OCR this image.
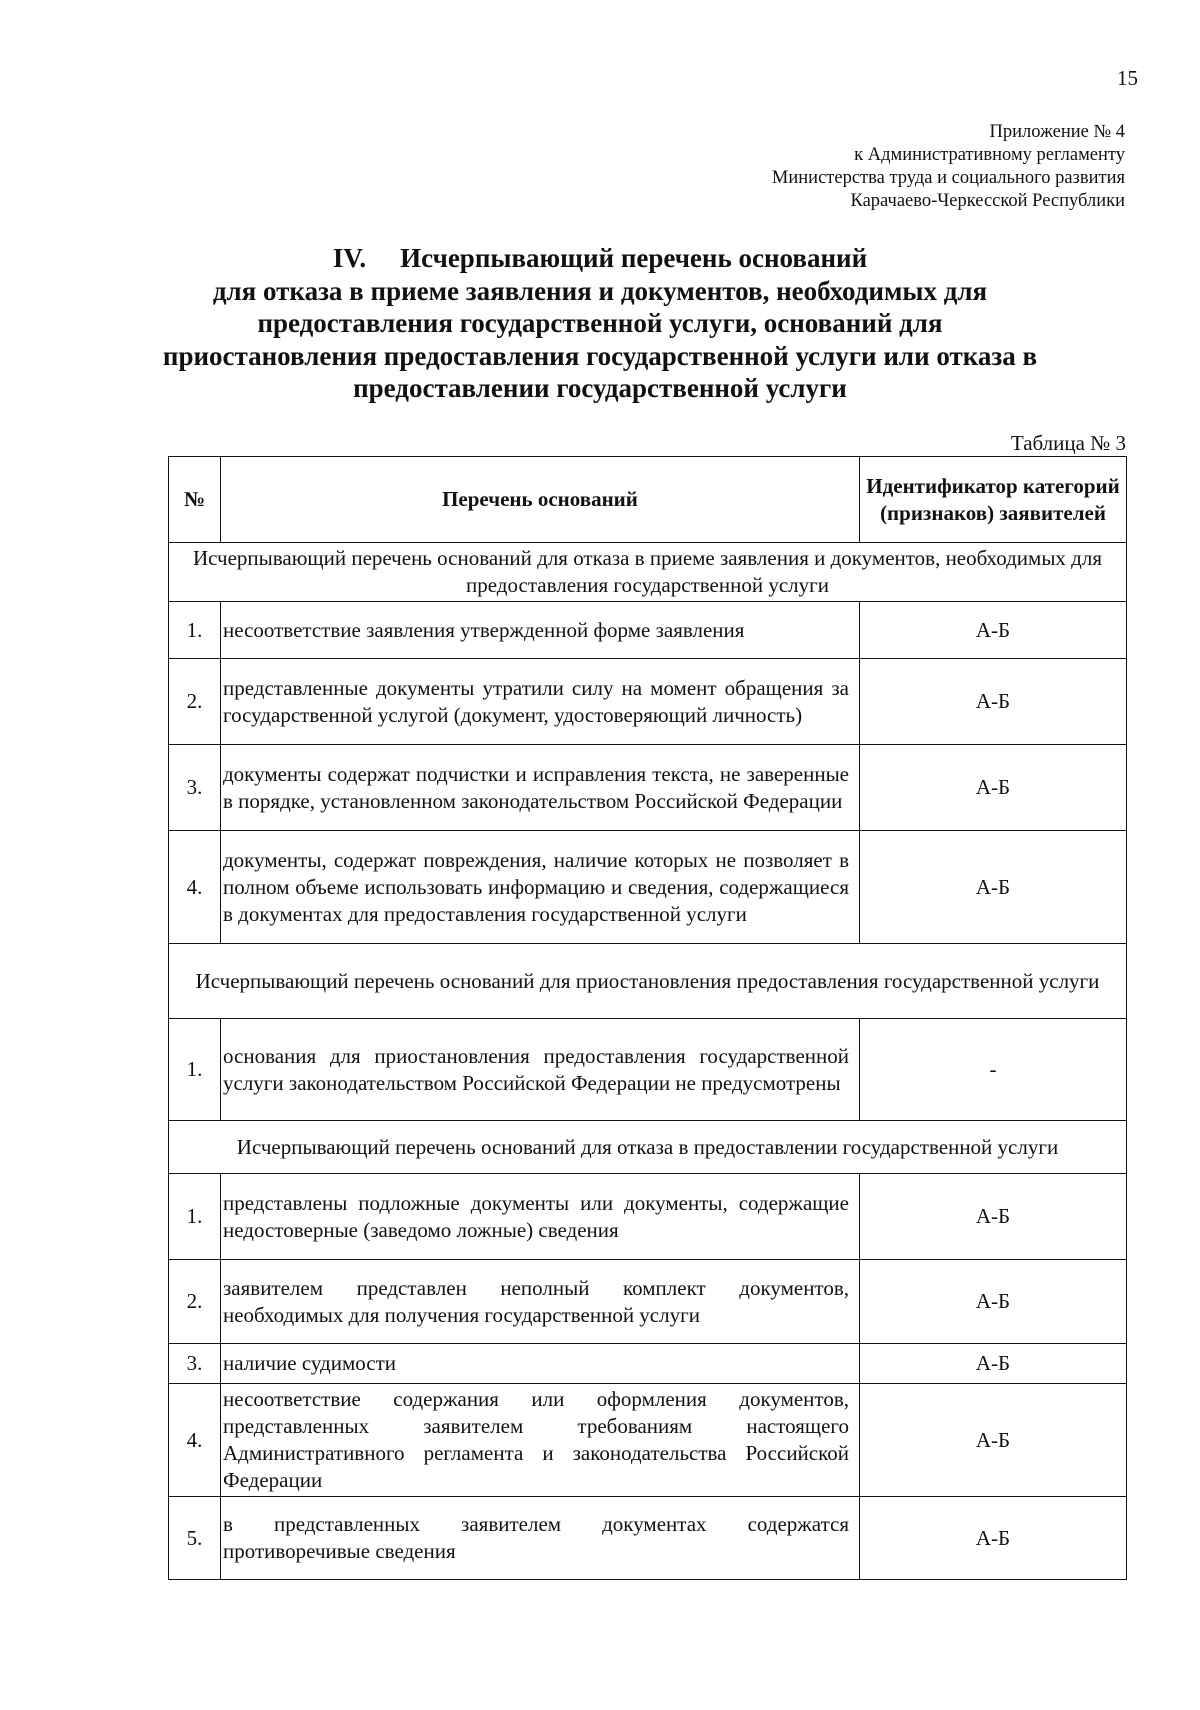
15
Приложение № 4
к Административному регламенту
Министерства труда и социального развития
Карачаево-Черкесской Республики
IV. Исчерпывающий перечень оснований
для отказа в приеме заявления и документов, необходимых для
предоставления государственной услуги, оснований для
приостановления предоставления государственной услуги или отказа в
предоставлении государственной услуги
Таблица № 3
№	Перечень оснований	Идентификатор категорий (признаков) заявителей
Исчерпывающий перечень оснований для отказа в приеме заявления и документов, необходимых для предоставления государственной услуги		
1.	несоответствие заявления утвержденной форме заявления	А-Б
2.	представленные документы утратили силу на момент обращения за государственной услугой (документ, удостоверяющий личность)	А-Б
3.	документы содержат подчистки и исправления текста, не заверенные в порядке, установленном законодательством Российской Федерации	А-Б
4.	документы, содержат повреждения, наличие которых не позволяет в полном объеме использовать информацию и сведения, содержащиеся в документах для предоставления государственной услуги	А-Б
Исчерпывающий перечень оснований для приостановления предоставления государственной услуги		
1.	основания для приостановления предоставления государственной услуги законодательством Российской Федерации не предусмотрены	-
Исчерпывающий перечень оснований для отказа в предоставлении государственной услуги		
1.	представлены подложные документы или документы, содержащие недостоверные (заведомо ложные) сведения	А-Б
2.	заявителем представлен неполный комплект документов, необходимых для получения государственной услуги	А-Б
3.	наличие судимости	А-Б
4.	несоответствие содержания или оформления документов, представленных заявителем требованиям настоящего Административного регламента и законодательства Российской Федерации	А-Б
5.	в представленных заявителем документах содержатся противоречивые сведения	А-Б
